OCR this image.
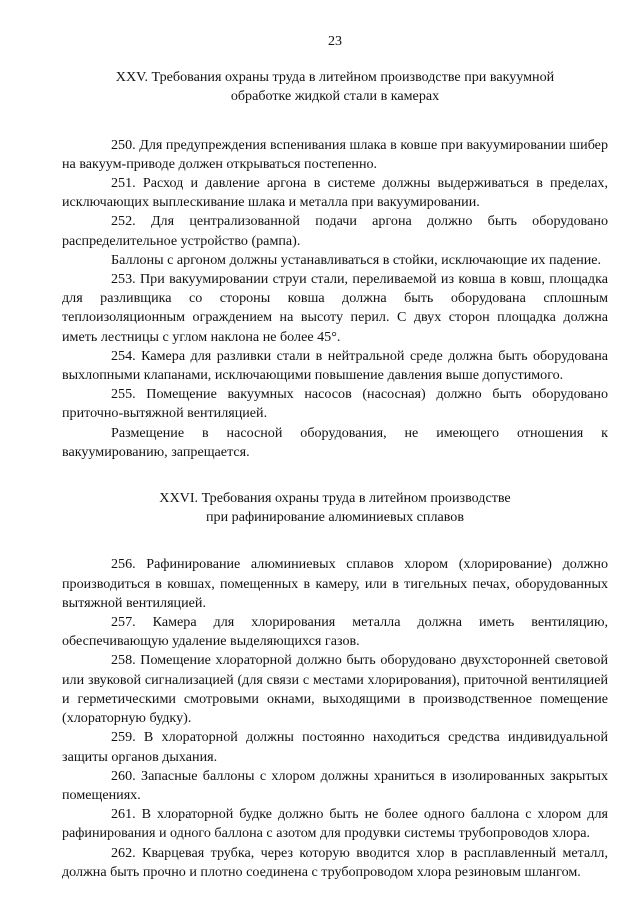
23
XXV. Требования охраны труда в литейном производстве при вакуумной
обработке жидкой стали в камерах

250. Для предупреждения вспенивания шлака в ковше при вакуумировании шибер на вакуум-приводе должен открываться постепенно.

251. Расход и давление аргона в системе должны выдерживаться в пределах, исключающих выплескивание шлака и металла при вакуумировании.

252. Для централизованной подачи аргона должно быть оборудовано распределительное устройство (рампа).

Баллоны с аргоном должны устанавливаться в стойки, исключающие их падение.

253. При вакуумировании струи стали, переливаемой из ковша в ковш, площадка для разливщика со стороны ковша должна быть оборудована сплошным теплоизоляционным ограждением на высоту перил. С двух сторон площадка должна иметь лестницы с углом наклона не более 45°.

254. Камера для разливки стали в нейтральной среде должна быть оборудована выхлопными клапанами, исключающими повышение давления выше допустимого.

255. Помещение вакуумных насосов (насосная) должно быть оборудовано приточно-вытяжной вентиляцией.

Размещение в насосной оборудования, не имеющего отношения к вакуумированию, запрещается.

XXVI. Требования охраны труда в литейном производстве
при рафинирование алюминиевых сплавов

256. Рафинирование алюминиевых сплавов хлором (хлорирование) должно производиться в ковшах, помещенных в камеру, или в тигельных печах, оборудованных вытяжной вентиляцией.

257. Камера для хлорирования металла должна иметь вентиляцию, обеспечивающую удаление выделяющихся газов.

258. Помещение хлораторной должно быть оборудовано двухсторонней световой или звуковой сигнализацией (для связи с местами хлорирования), приточной вентиляцией и герметическими смотровыми окнами, выходящими в производственное помещение (хлораторную будку).

259. В хлораторной должны постоянно находиться средства индивидуальной защиты органов дыхания.

260. Запасные баллоны с хлором должны храниться в изолированных закрытых помещениях.

261. В хлораторной будке должно быть не более одного баллона с хлором для рафинирования и одного баллона с азотом для продувки системы трубопроводов хлора.

262. Кварцевая трубка, через которую вводится хлор в расплавленный металл, должна быть прочно и плотно соединена с трубопроводом хлора резиновым шлангом.
